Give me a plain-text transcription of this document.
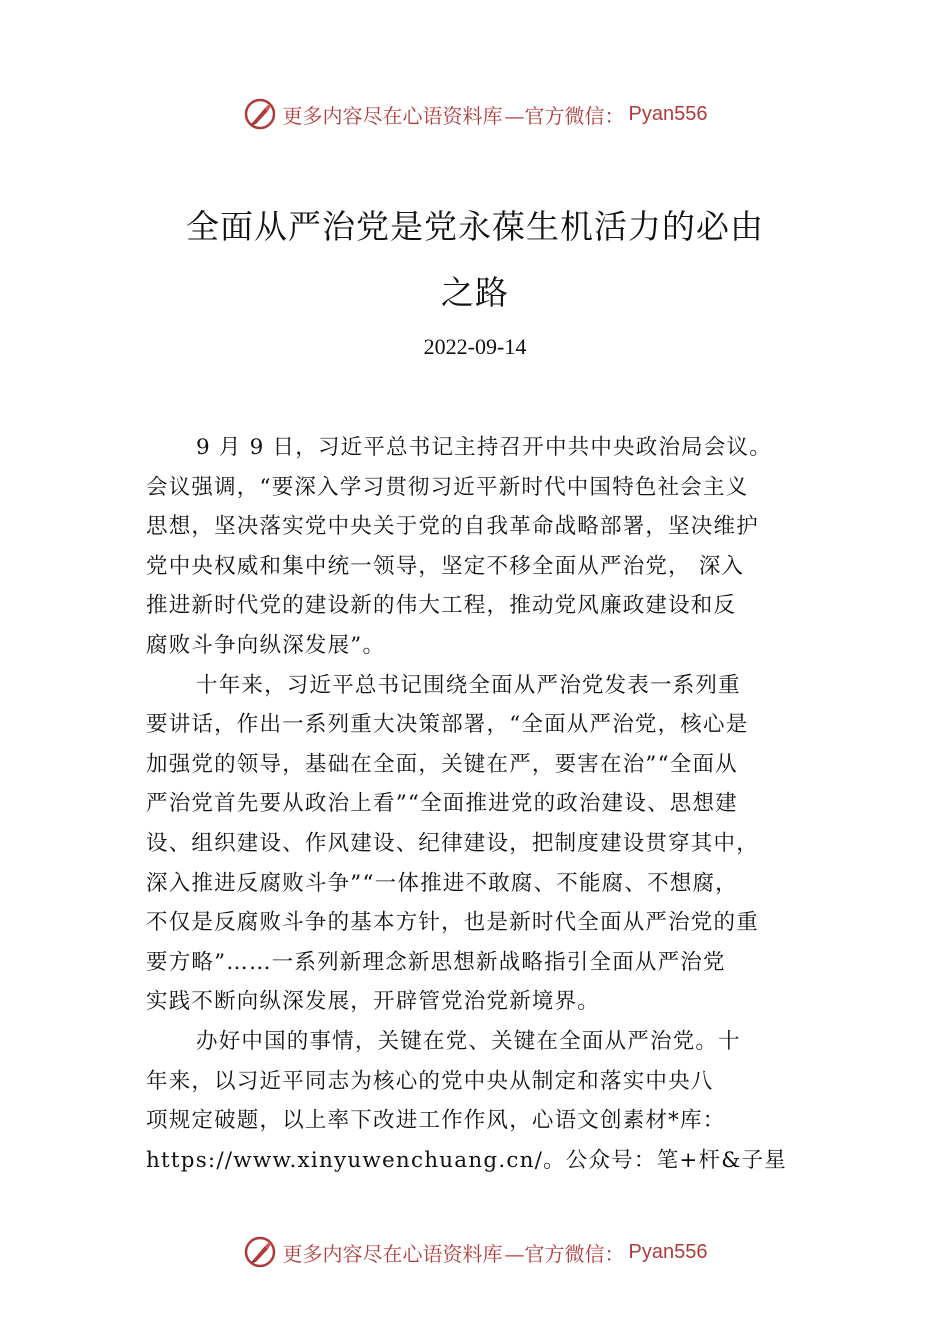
更多内容尽在心语资料库 —官方微信： Pyan556
全面从严治党是党永葆生机活力的必由
之路
2022-09-14
9 月 9 日，习近平总书记主持召开中共中央政治局会议。
会议强调，“要深入学习贯彻习近平新时代中国特色社会主义
思想，坚决落实党中央关于党的自我革命战略部署，坚决维护
党中央权威和集中统一领导，坚定不移全面从严治党， 深入
推进新时代党的建设新的伟大工程，推动党风廉政建设和反
腐败斗争向纵深发展”。
十年来，习近平总书记围绕全面从严治党发表一系列重
要讲话，作出一系列重大决策部署，“全面从严治党，核心是
加强党的领导，基础在全面，关键在严，要害在治”“全面从
严治党首先要从政治上看”“全面推进党的政治建设、思想建
设、组织建设、作风建设、纪律建设，把制度建设贯穿其中，
深入推进反腐败斗争”“一体推进不敢腐、不能腐、不想腐，
不仅是反腐败斗争的基本方针，也是新时代全面从严治党的重
要方略”……一系列新理念新思想新战略指引全面从严治党
实践不断向纵深发展，开辟管党治党新境界。
办好中国的事情，关键在党、关键在全面从严治党。十
年来，以习近平同志为核心的党中央从制定和落实中央八
项规定破题，以上率下改进工作作风，心语文创素材*库：
https://www.xinyuwenchuang.cn/。公众号：笔+杆&子星
更多内容尽在心语资料库 —官方微信： Pyan556
